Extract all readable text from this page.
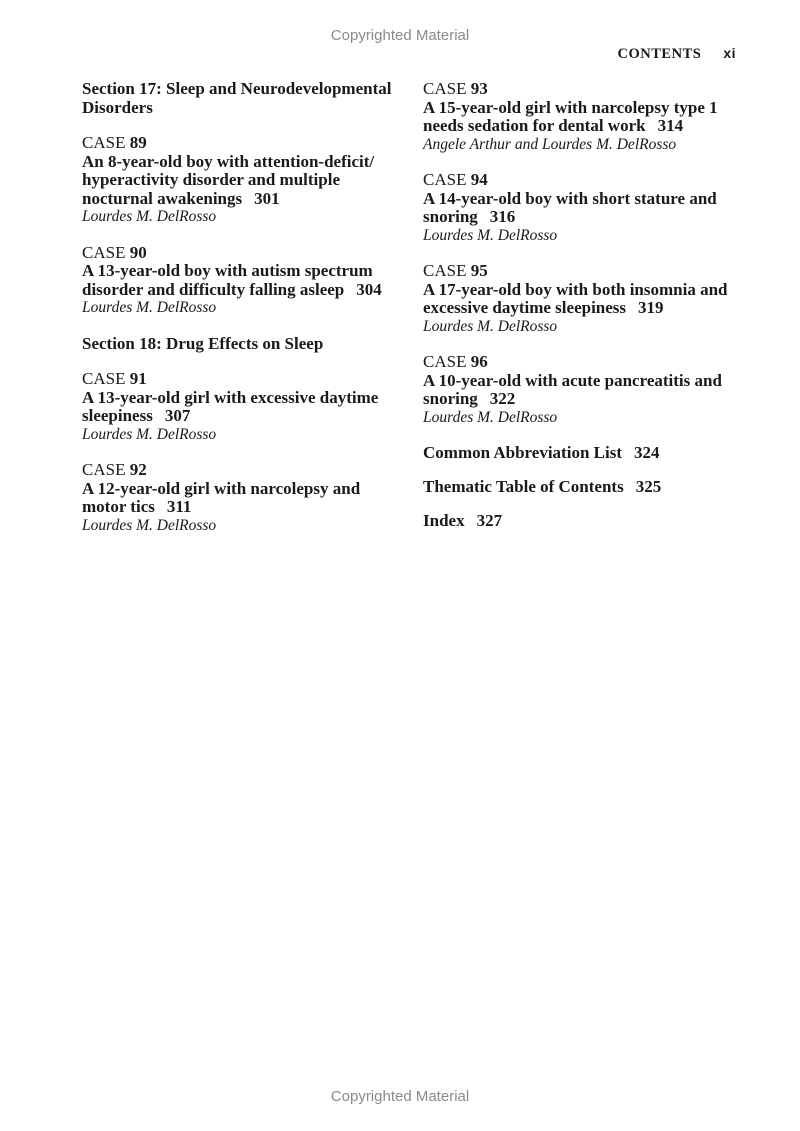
Copyrighted Material
CONTENTS xi
Section 17: Sleep and Neurodevelopmental Disorders
CASE 89
An 8-year-old boy with attention-deficit/ hyperactivity disorder and multiple nocturnal awakenings 301
Lourdes M. DelRosso
CASE 90
A 13-year-old boy with autism spectrum disorder and difficulty falling asleep 304
Lourdes M. DelRosso
Section 18: Drug Effects on Sleep
CASE 91
A 13-year-old girl with excessive daytime sleepiness 307
Lourdes M. DelRosso
CASE 92
A 12-year-old girl with narcolepsy and motor tics 311
Lourdes M. DelRosso
CASE 93
A 15-year-old girl with narcolepsy type 1 needs sedation for dental work 314
Angele Arthur and Lourdes M. DelRosso
CASE 94
A 14-year-old boy with short stature and snoring 316
Lourdes M. DelRosso
CASE 95
A 17-year-old boy with both insomnia and excessive daytime sleepiness 319
Lourdes M. DelRosso
CASE 96
A 10-year-old with acute pancreatitis and snoring 322
Lourdes M. DelRosso
Common Abbreviation List 324
Thematic Table of Contents 325
Index 327
Copyrighted Material
